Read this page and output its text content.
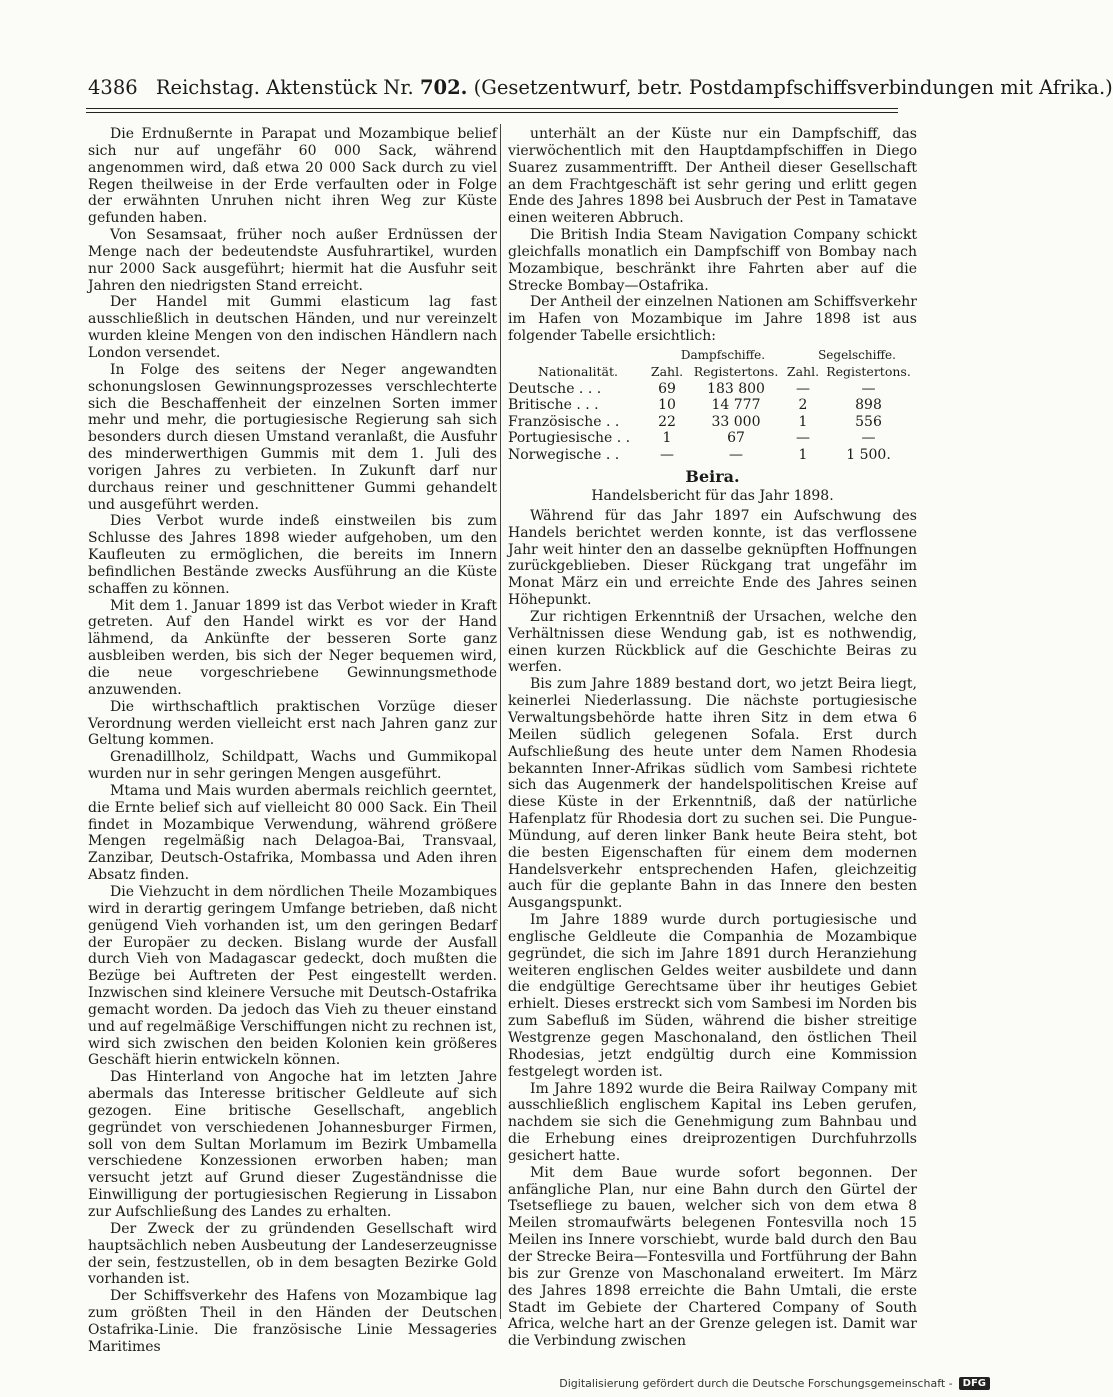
4386 Reichstag. Aktenstück Nr. 702. (Gesetzentwurf, betr. Postdampfschiffsverbindungen mit Afrika.)

Die Erdnußernte in Parapat und Mozambique belief sich nur auf ungefähr 60 000 Sack, während angenommen wird, daß etwa 20 000 Sack durch zu viel Regen theilweise in der Erde verfaulten oder in Folge der erwähnten Unruhen nicht ihren Weg zur Küste gefunden haben.

Von Sesamsaat, früher noch außer Erdnüssen der Menge nach der bedeutendste Ausfuhrartikel, wurden nur 2000 Sack ausgeführt; hiermit hat die Ausfuhr seit Jahren den niedrigsten Stand erreicht.

Der Handel mit Gummi elasticum lag fast ausschließlich in deutschen Händen, und nur vereinzelt wurden kleine Mengen von den indischen Händlern nach London versendet.

In Folge des seitens der Neger angewandten schonungslosen Gewinnungsprozesses verschlechterte sich die Beschaffenheit der einzelnen Sorten immer mehr und mehr, die portugiesische Regierung sah sich besonders durch diesen Umstand veranlaßt, die Ausfuhr des minderwerthigen Gummis mit dem 1. Juli des vorigen Jahres zu verbieten. In Zukunft darf nur durchaus reiner und geschnittener Gummi gehandelt und ausgeführt werden.

Dies Verbot wurde indeß einstweilen bis zum Schlusse des Jahres 1898 wieder aufgehoben, um den Kaufleuten zu ermöglichen, die bereits im Innern befindlichen Bestände zwecks Ausführung an die Küste schaffen zu können.

Mit dem 1. Januar 1899 ist das Verbot wieder in Kraft getreten. Auf den Handel wirkt es vor der Hand lähmend, da Ankünfte der besseren Sorte ganz ausbleiben werden, bis sich der Neger bequemen wird, die neue vorgeschriebene Gewinnungsmethode anzuwenden.

Die wirthschaftlich praktischen Vorzüge dieser Verordnung werden vielleicht erst nach Jahren ganz zur Geltung kommen.

Grenadillholz, Schildpatt, Wachs und Gummikopal wurden nur in sehr geringen Mengen ausgeführt.

Mtama und Mais wurden abermals reichlich geerntet, die Ernte belief sich auf vielleicht 80 000 Sack. Ein Theil findet in Mozambique Verwendung, während größere Mengen regelmäßig nach Delagoa-Bai, Transvaal, Zanzibar, Deutsch-Ostafrika, Mombassa und Aden ihren Absatz finden.

Die Viehzucht in dem nördlichen Theile Mozambiques wird in derartig geringem Umfange betrieben, daß nicht genügend Vieh vorhanden ist, um den geringen Bedarf der Europäer zu decken. Bislang wurde der Ausfall durch Vieh von Madagascar gedeckt, doch mußten die Bezüge bei Auftreten der Pest eingestellt werden. Inzwischen sind kleinere Versuche mit Deutsch-Ostafrika gemacht worden. Da jedoch das Vieh zu theuer einstand und auf regelmäßige Verschiffungen nicht zu rechnen ist, wird sich zwischen den beiden Kolonien kein größeres Geschäft hierin entwickeln können.

Das Hinterland von Angoche hat im letzten Jahre abermals das Interesse britischer Geldleute auf sich gezogen. Eine britische Gesellschaft, angeblich gegründet von verschiedenen Johannesburger Firmen, soll von dem Sultan Morlamum im Bezirk Umbamella verschiedene Konzessionen erworben haben; man versucht jetzt auf Grund dieser Zugeständnisse die Einwilligung der portugiesischen Regierung in Lissabon zur Aufschließung des Landes zu erhalten.

Der Zweck der zu gründenden Gesellschaft wird hauptsächlich neben Ausbeutung der Landeserzeugnisse der sein, festzustellen, ob in dem besagten Bezirke Gold vorhanden ist.

Der Schiffsverkehr des Hafens von Mozambique lag zum größten Theil in den Händen der Deutschen Ostafrika-Linie. Die französische Linie Messageries Maritimes

unterhält an der Küste nur ein Dampfschiff, das vierwöchentlich mit den Hauptdampfschiffen in Diego Suarez zusammentrifft. Der Antheil dieser Gesellschaft an dem Frachtgeschäft ist sehr gering und erlitt gegen Ende des Jahres 1898 bei Ausbruch der Pest in Tamatave einen weiteren Abbruch.

Die British India Steam Navigation Company schickt gleichfalls monatlich ein Dampfschiff von Bombay nach Mozambique, beschränkt ihre Fahrten aber auf die Strecke Bombay—Ostafrika.

Der Antheil der einzelnen Nationen am Schiffsverkehr im Hafen von Mozambique im Jahre 1898 ist aus folgender Tabelle ersichtlich:

Dampfschiffe.	Segelschiffe.
Nationalität.	Zahl.	Registertons.	Zahl.	Registertons.
Deutsche . . .	69	183 800	—	—
Britische . . .	10	14 777	2	898
Französische . .	22	33 000	1	556
Portugiesische . .	1	67	—	—
Norwegische . .	—	—	1	1 500.
Beira.
Handelsbericht für das Jahr 1898.

Während für das Jahr 1897 ein Aufschwung des Handels berichtet werden konnte, ist das verflossene Jahr weit hinter den an dasselbe geknüpften Hoffnungen zurückgeblieben. Dieser Rückgang trat ungefähr im Monat März ein und erreichte Ende des Jahres seinen Höhepunkt.

Zur richtigen Erkenntniß der Ursachen, welche den Verhältnissen diese Wendung gab, ist es nothwendig, einen kurzen Rückblick auf die Geschichte Beiras zu werfen.

Bis zum Jahre 1889 bestand dort, wo jetzt Beira liegt, keinerlei Niederlassung. Die nächste portugiesische Verwaltungsbehörde hatte ihren Sitz in dem etwa 6 Meilen südlich gelegenen Sofala. Erst durch Aufschließung des heute unter dem Namen Rhodesia bekannten Inner-Afrikas südlich vom Sambesi richtete sich das Augenmerk der handelspolitischen Kreise auf diese Küste in der Erkenntniß, daß der natürliche Hafenplatz für Rhodesia dort zu suchen sei. Die Pungue-Mündung, auf deren linker Bank heute Beira steht, bot die besten Eigenschaften für einem dem modernen Handelsverkehr entsprechenden Hafen, gleichzeitig auch für die geplante Bahn in das Innere den besten Ausgangspunkt.

Im Jahre 1889 wurde durch portugiesische und englische Geldleute die Companhia de Mozambique gegründet, die sich im Jahre 1891 durch Heranziehung weiteren englischen Geldes weiter ausbildete und dann die endgültige Gerechtsame über ihr heutiges Gebiet erhielt. Dieses erstreckt sich vom Sambesi im Norden bis zum Sabefluß im Süden, während die bisher streitige Westgrenze gegen Maschonaland, den östlichen Theil Rhodesias, jetzt endgültig durch eine Kommission festgelegt worden ist.

Im Jahre 1892 wurde die Beira Railway Company mit ausschließlich englischem Kapital ins Leben gerufen, nachdem sie sich die Genehmigung zum Bahnbau und die Erhebung eines dreiprozentigen Durchfuhrzolls gesichert hatte.

Mit dem Baue wurde sofort begonnen. Der anfängliche Plan, nur eine Bahn durch den Gürtel der Tsetsefliege zu bauen, welcher sich von dem etwa 8 Meilen stromaufwärts belegenen Fontesvilla noch 15 Meilen ins Innere vorschiebt, wurde bald durch den Bau der Strecke Beira—Fontesvilla und Fortführung der Bahn bis zur Grenze von Maschonaland erweitert. Im März des Jahres 1898 erreichte die Bahn Umtali, die erste Stadt im Gebiete der Chartered Company of South Africa, welche hart an der Grenze gelegen ist. Damit war die Verbindung zwischen

Digitalisierung gefördert durch die Deutsche Forschungsgemeinschaft -	DFG
